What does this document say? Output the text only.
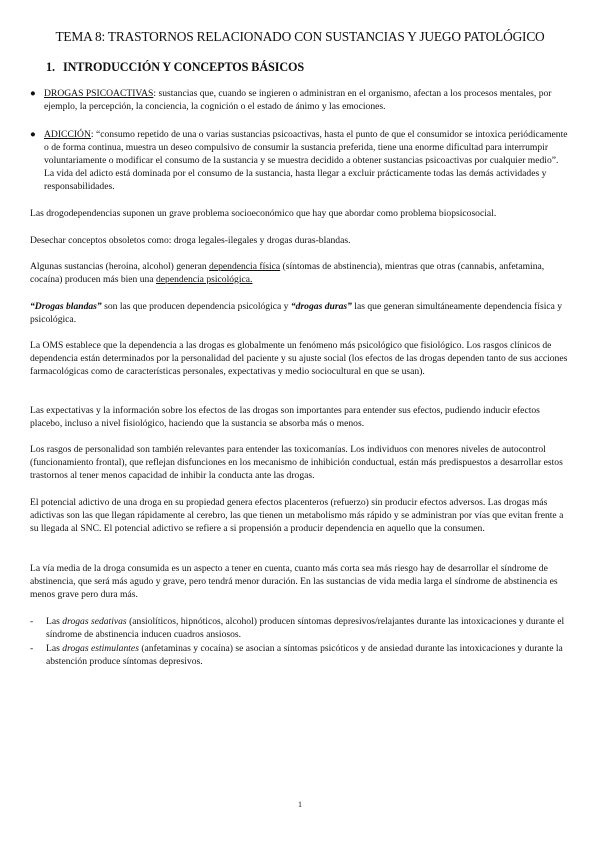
TEMA 8: TRASTORNOS RELACIONADO CON SUSTANCIAS Y JUEGO PATOLÓGICO
1. INTRODUCCIÓN Y CONCEPTOS BÁSICOS
● DROGAS PSICOACTIVAS: sustancias que, cuando se ingieren o administran en el organismo, afectan a los procesos mentales, por ejemplo, la percepción, la conciencia, la cognición o el estado de ánimo y las emociones.
● ADICCIÓN: “consumo repetido de una o varias sustancias psicoactivas, hasta el punto de que el consumidor se intoxica periódicamente o de forma continua, muestra un deseo compulsivo de consumir la sustancia preferida, tiene una enorme dificultad para interrumpir voluntariamente o modificar el consumo de la sustancia y se muestra decidido a obtener sustancias psicoactivas por cualquier medio”. La vida del adicto está dominada por el consumo de la sustancia, hasta llegar a excluir prácticamente todas las demás actividades y responsabilidades.

Las drogodependencias suponen un grave problema socioeconómico que hay que abordar como problema biopsicosocial.

Desechar conceptos obsoletos como: droga legales-ilegales y drogas duras-blandas.

Algunas sustancias (heroína, alcohol) generan dependencia física (síntomas de abstinencia), mientras que otras (cannabis, anfetamina, cocaína) producen más bien una dependencia psicológica.

“Drogas blandas” son las que producen dependencia psicológica y “drogas duras” las que generan simultáneamente dependencia física y psicológica.

La OMS establece que la dependencia a las drogas es globalmente un fenómeno más psicológico que fisiológico. Los rasgos clínicos de dependencia están determinados por la personalidad del paciente y su ajuste social (los efectos de las drogas dependen tanto de sus acciones farmacológicas como de características personales, expectativas y medio sociocultural en que se usan).

Las expectativas y la información sobre los efectos de las drogas son importantes para entender sus efectos, pudiendo inducir efectos placebo, incluso a nivel fisiológico, haciendo que la sustancia se absorba más o menos.

Los rasgos de personalidad son también relevantes para entender las toxicomanías. Los individuos con menores niveles de autocontrol (funcionamiento frontal), que reflejan disfunciones en los mecanismo de inhibición conductual, están más predispuestos a desarrollar estos trastornos al tener menos capacidad de inhibir la conducta ante las drogas.

El potencial adictivo de una droga en su propiedad genera efectos placenteros (refuerzo) sin producir efectos adversos. Las drogas más adictivas son las que llegan rápidamente al cerebro, las que tienen un metabolismo más rápido y se administran por vías que evitan frente a su llegada al SNC. El potencial adictivo se refiere a si propensión a producir dependencia en aquello que la consumen.

La vía media de la droga consumida es un aspecto a tener en cuenta, cuanto más corta sea más riesgo hay de desarrollar el síndrome de abstinencia, que será más agudo y grave, pero tendrá menor duración. En las sustancias de vida media larga el síndrome de abstinencia es menos grave pero dura más.

- Las drogas sedativas (ansiolíticos, hipnóticos, alcohol) producen síntomas depresivos/relajantes durante las intoxicaciones y durante el síndrome de abstinencia inducen cuadros ansiosos.
- Las drogas estimulantes (anfetaminas y cocaína) se asocian a síntomas psicóticos y de ansiedad durante las intoxicaciones y durante la abstención produce síntomas depresivos.
1
